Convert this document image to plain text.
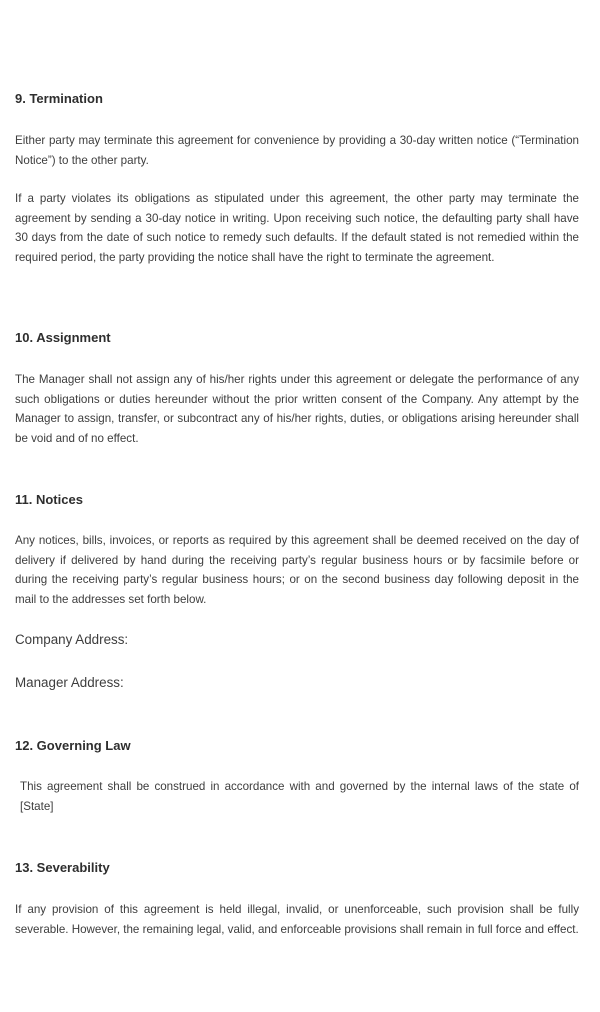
9. Termination

Either party may terminate this agreement for convenience by providing a 30-day written notice (“Termination Notice”) to the other party.

If a party violates its obligations as stipulated under this agreement, the other party may terminate the agreement by sending a 30-day notice in writing. Upon receiving such notice, the defaulting party shall have 30 days from the date of such notice to remedy such defaults. If the default stated is not remedied within the required period, the party providing the notice shall have the right to terminate the agreement.

10. Assignment

The Manager shall not assign any of his/her rights under this agreement or delegate the performance of any such obligations or duties hereunder without the prior written consent of the Company. Any attempt by the Manager to assign, transfer, or subcontract any of his/her rights, duties, or obligations arising hereunder shall be void and of no effect.

11. Notices

Any notices, bills, invoices, or reports as required by this agreement shall be deemed received on the day of delivery if delivered by hand during the receiving party’s regular business hours or by facsimile before or during the receiving party’s regular business hours; or on the second business day following deposit in the mail to the addresses set forth below.

Company Address:

Manager Address:

12. Governing Law

This agreement shall be construed in accordance with and governed by the internal laws of the state of [State]

13. Severability

If any provision of this agreement is held illegal, invalid, or unenforceable, such provision shall be fully severable. However, the remaining legal, valid, and enforceable provisions shall remain in full force and effect.
